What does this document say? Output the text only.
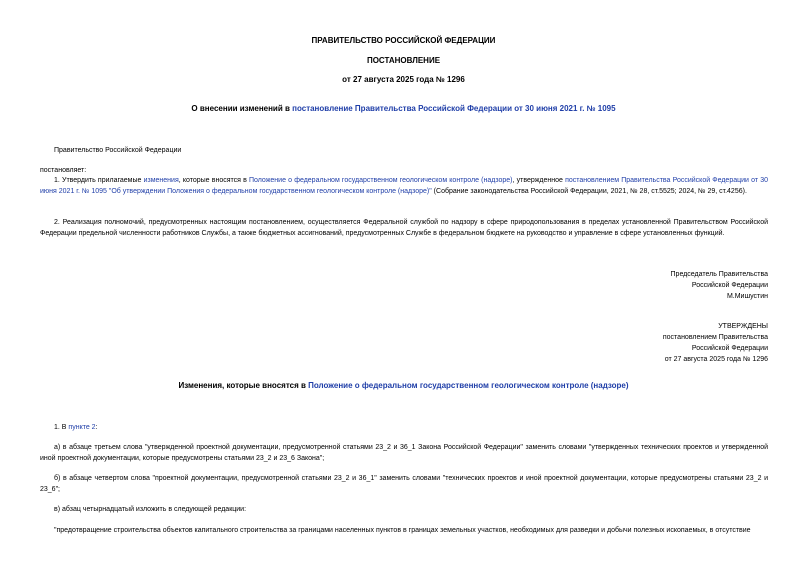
ПРАВИТЕЛЬСТВО РОССИЙСКОЙ ФЕДЕРАЦИИ
ПОСТАНОВЛЕНИЕ
от 27 августа 2025 года № 1296
О внесении изменений в постановление Правительства Российской Федерации от 30 июня 2021 г. № 1095
Правительство Российской Федерации
постановляет:
1. Утвердить прилагаемые изменения, которые вносятся в Положение о федеральном государственном геологическом контроле (надзоре), утвержденное постановлением Правительства Российской Федерации от 30 июня 2021 г. № 1095 "Об утверждении Положения о федеральном государственном геологическом контроле (надзоре)" (Собрание законодательства Российской Федерации, 2021, № 28, ст.5525; 2024, № 29, ст.4256).
2. Реализация полномочий, предусмотренных настоящим постановлением, осуществляется Федеральной службой по надзору в сфере природопользования в пределах установленной Правительством Российской Федерации предельной численности работников Службы, а также бюджетных ассигнований, предусмотренных Службе в федеральном бюджете на руководство и управление в сфере установленных функций.
Председатель Правительства
Российской Федерации
М.Мишустин
УТВЕРЖДЕНЫ
постановлением Правительства
Российской Федерации
от 27 августа 2025 года № 1296
Изменения, которые вносятся в Положение о федеральном государственном геологическом контроле (надзоре)
1. В пункте 2:
а) в абзаце третьем слова "утвержденной проектной документации, предусмотренной статьями 23_2 и 36_1 Закона Российской Федерации" заменить словами "утвержденных технических проектов и утвержденной иной проектной документации, которые предусмотрены статьями 23_2 и 23_6 Закона";
б) в абзаце четвертом слова "проектной документации, предусмотренной статьями 23_2 и 36_1" заменить словами "технических проектов и иной проектной документации, которые предусмотрены статьями 23_2 и 23_6";
в) абзац четырнадцатый изложить в следующей редакции:
"предотвращение строительства объектов капитального строительства за границами населенных пунктов в границах земельных участков, необходимых для разведки и добычи полезных ископаемых, в отсутствие
